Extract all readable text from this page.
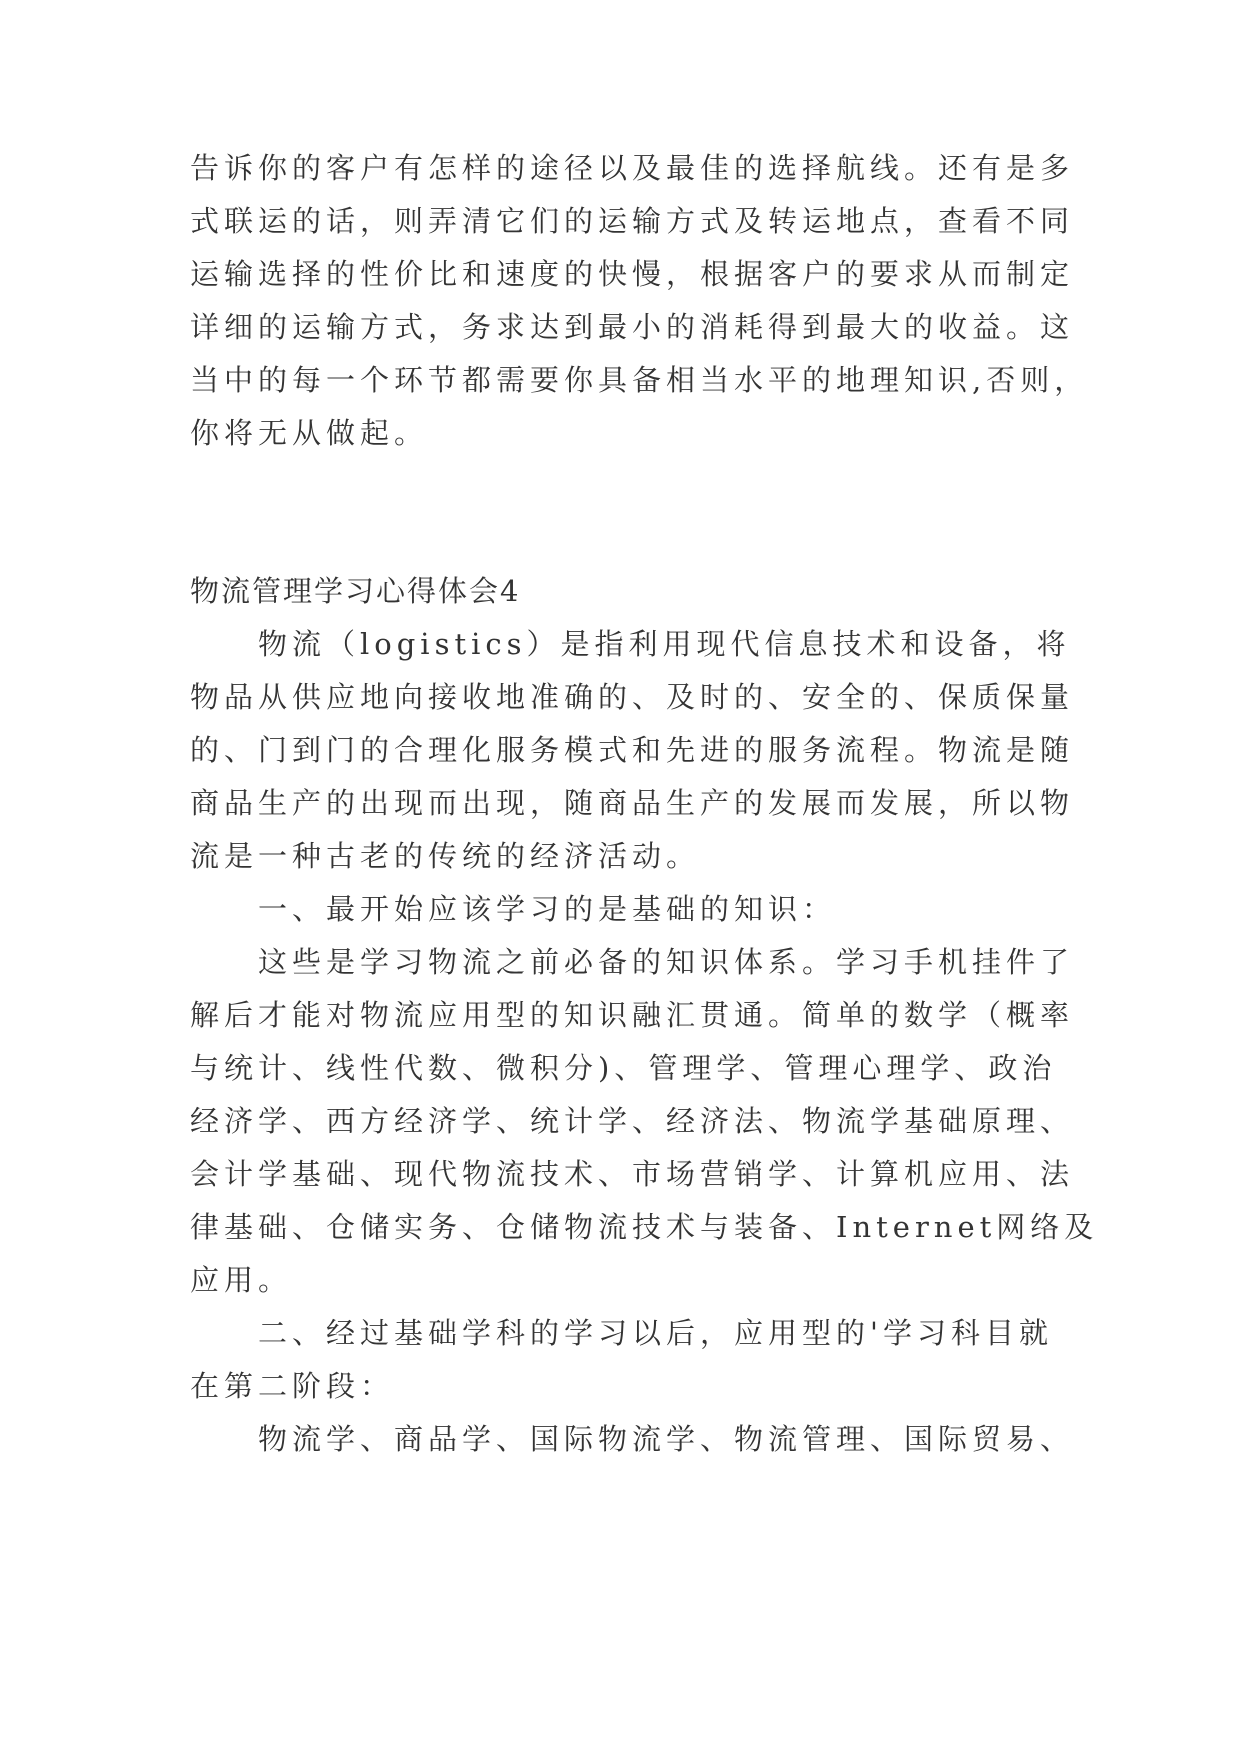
告诉你的客户有怎样的途径以及最佳的选择航线。还有是多
式联运的话，则弄清它们的运输方式及转运地点，查看不同
运输选择的性价比和速度的快慢，根据客户的要求从而制定
详细的运输方式，务求达到最小的消耗得到最大的收益。这
当中的每一个环节都需要你具备相当水平的地理知识,否则，
你将无从做起。
物流管理学习心得体会4
物流（logistics）是指利用现代信息技术和设备，将
物品从供应地向接收地准确的、及时的、安全的、保质保量
的、门到门的合理化服务模式和先进的服务流程。物流是随
商品生产的出现而出现，随商品生产的发展而发展，所以物
流是一种古老的传统的经济活动。
一、最开始应该学习的是基础的知识：
这些是学习物流之前必备的知识体系。学习手机挂件了
解后才能对物流应用型的知识融汇贯通。简单的数学（概率
与统计、线性代数、微积分)、管理学、管理心理学、政治
经济学、西方经济学、统计学、经济法、物流学基础原理、
会计学基础、现代物流技术、市场营销学、计算机应用、法
律基础、仓储实务、仓储物流技术与装备、Internet网络及
应用。
二、经过基础学科的学习以后，应用型的'学习科目就
在第二阶段：
物流学、商品学、国际物流学、物流管理、国际贸易、
